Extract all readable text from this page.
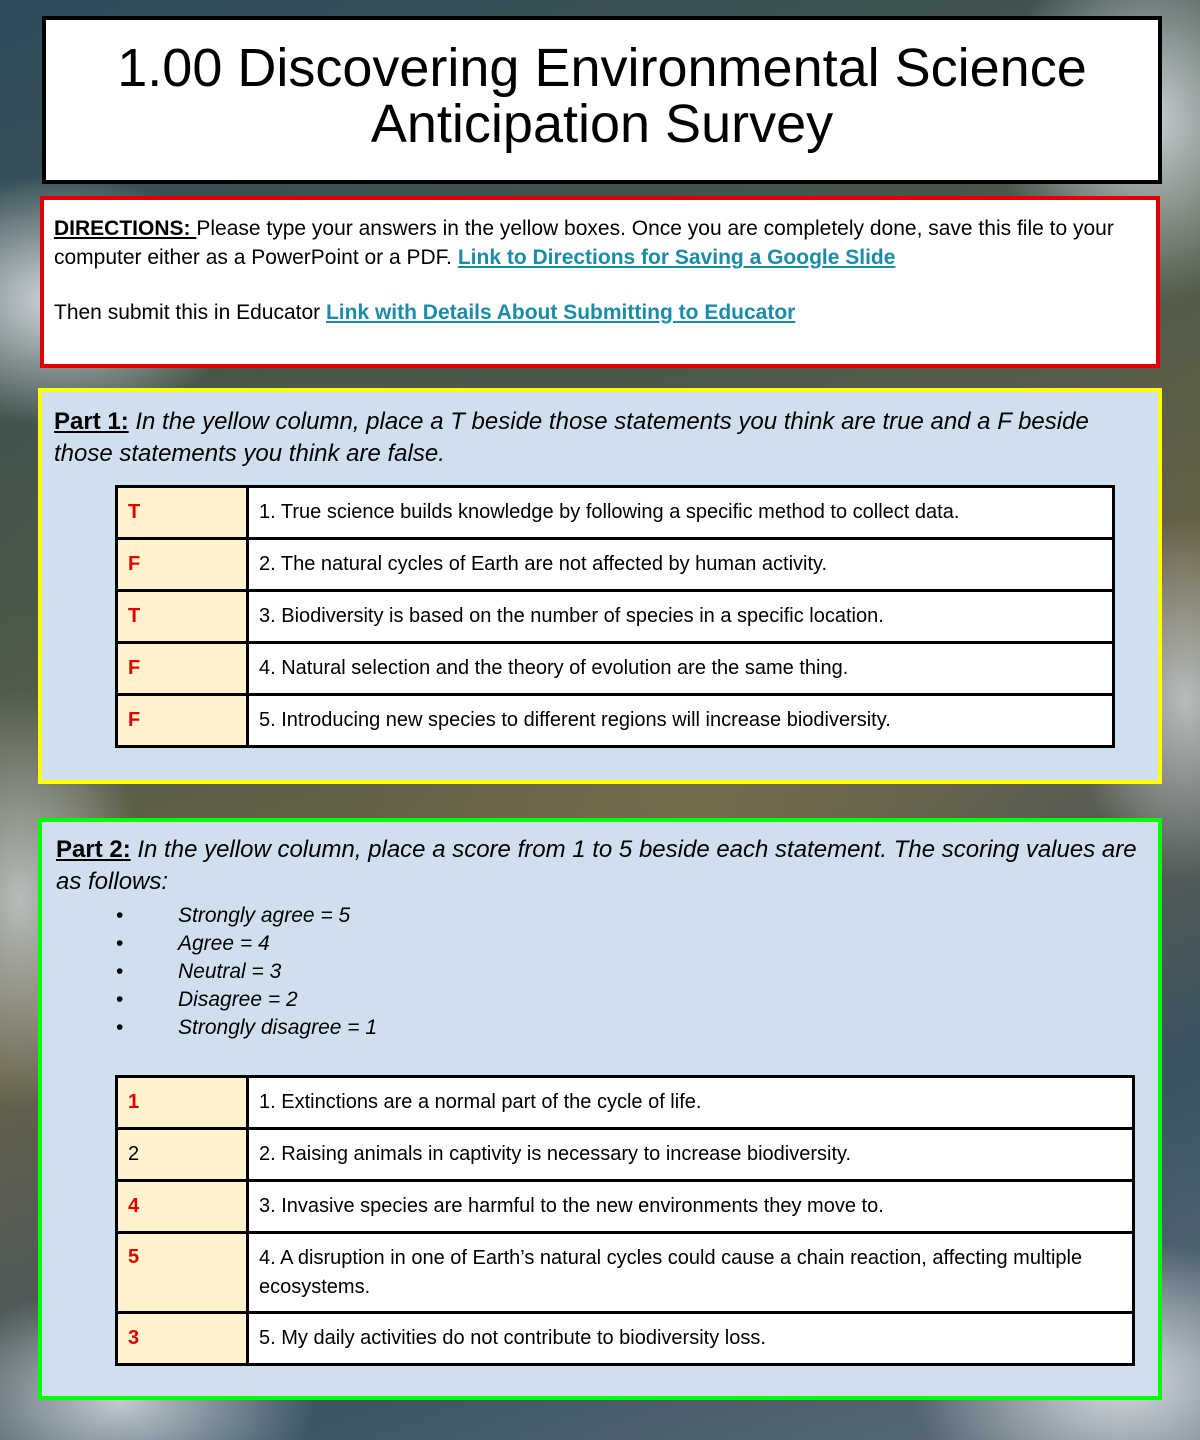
1.00 Discovering Environmental Science
Anticipation Survey
DIRECTIONS: Please type your answers in the yellow boxes. Once you are completely done, save this file to your computer either as a PowerPoint or a PDF. Link to Directions for Saving a Google Slide
Then submit this in Educator Link with Details About Submitting to Educator
Part 1: In the yellow column, place a T beside those statements you think are true and a F beside those statements you think are false.
T	1. True science builds knowledge by following a specific method to collect data.
F	2. The natural cycles of Earth are not affected by human activity.
T	3. Biodiversity is based on the number of species in a specific location.
F	4. Natural selection and the theory of evolution are the same thing.
F	5. Introducing new species to different regions will increase biodiversity.
Part 2: In the yellow column, place a score from 1 to 5 beside each statement. The scoring values are as follows:
• Strongly agree = 5
• Agree = 4
• Neutral = 3
• Disagree = 2
• Strongly disagree = 1
1	1. Extinctions are a normal part of the cycle of life.
2	2. Raising animals in captivity is necessary to increase biodiversity.
4	3. Invasive species are harmful to the new environments they move to.
5	4. A disruption in one of Earth’s natural cycles could cause a chain reaction, affecting multiple ecosystems.
3	5. My daily activities do not contribute to biodiversity loss.
